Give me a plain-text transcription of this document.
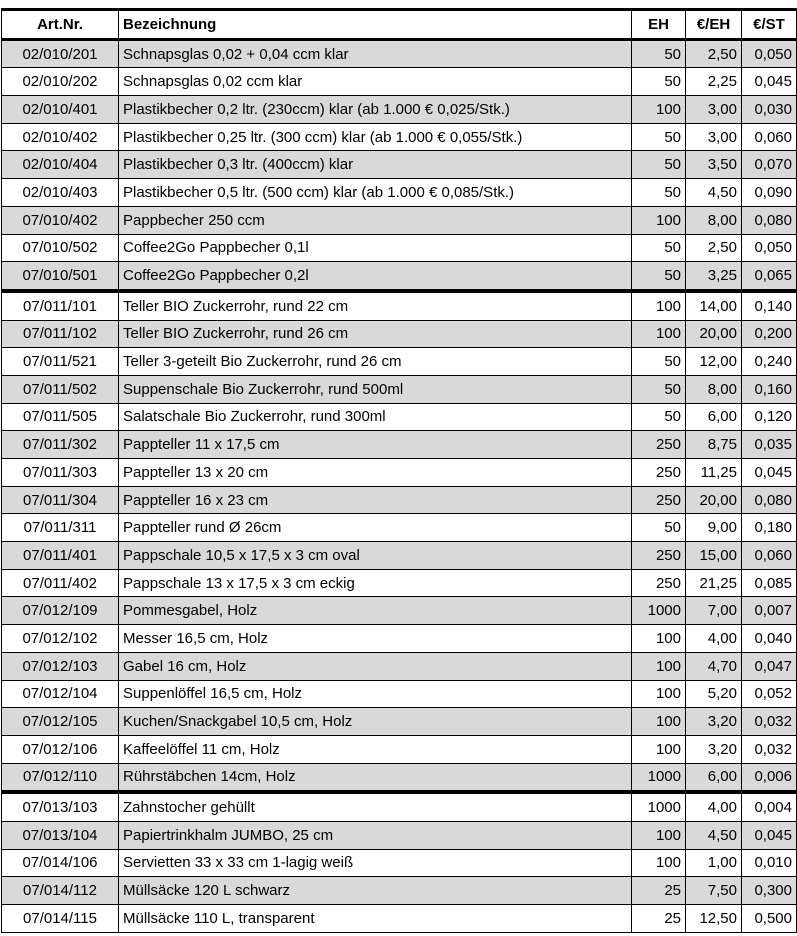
Art.Nr.	Bezeichnung	EH	€/EH	€/ST
02/010/201	Schnapsglas 0,02 + 0,04 ccm klar	50	2,50	0,050
02/010/202	Schnapsglas 0,02 ccm klar	50	2,25	0,045
02/010/401	Plastikbecher 0,2 ltr. (230ccm) klar (ab 1.000 € 0,025/Stk.)	100	3,00	0,030
02/010/402	Plastikbecher 0,25 ltr. (300 ccm) klar (ab 1.000 € 0,055/Stk.)	50	3,00	0,060
02/010/404	Plastikbecher 0,3 ltr. (400ccm) klar	50	3,50	0,070
02/010/403	Plastikbecher 0,5 ltr. (500 ccm) klar (ab 1.000 € 0,085/Stk.)	50	4,50	0,090
07/010/402	Pappbecher 250 ccm	100	8,00	0,080
07/010/502	Coffee2Go Pappbecher 0,1l	50	2,50	0,050
07/010/501	Coffee2Go Pappbecher 0,2l	50	3,25	0,065
07/011/101	Teller BIO Zuckerrohr, rund 22 cm	100	14,00	0,140
07/011/102	Teller BIO Zuckerrohr, rund 26 cm	100	20,00	0,200
07/011/521	Teller 3-geteilt Bio Zuckerrohr, rund 26 cm	50	12,00	0,240
07/011/502	Suppenschale Bio Zuckerrohr, rund 500ml	50	8,00	0,160
07/011/505	Salatschale Bio Zuckerrohr, rund 300ml	50	6,00	0,120
07/011/302	Pappteller 11 x 17,5 cm	250	8,75	0,035
07/011/303	Pappteller 13 x 20 cm	250	11,25	0,045
07/011/304	Pappteller 16 x 23 cm	250	20,00	0,080
07/011/311	Pappteller rund Ø 26cm	50	9,00	0,180
07/011/401	Pappschale 10,5 x 17,5 x 3 cm oval	250	15,00	0,060
07/011/402	Pappschale 13 x 17,5 x 3 cm eckig	250	21,25	0,085
07/012/109	Pommesgabel, Holz	1000	7,00	0,007
07/012/102	Messer 16,5 cm, Holz	100	4,00	0,040
07/012/103	Gabel 16 cm, Holz	100	4,70	0,047
07/012/104	Suppenlöffel 16,5 cm, Holz	100	5,20	0,052
07/012/105	Kuchen/Snackgabel 10,5 cm, Holz	100	3,20	0,032
07/012/106	Kaffeelöffel 11 cm, Holz	100	3,20	0,032
07/012/110	Rührstäbchen 14cm, Holz	1000	6,00	0,006
07/013/103	Zahnstocher gehüllt	1000	4,00	0,004
07/013/104	Papiertrinkhalm JUMBO, 25 cm	100	4,50	0,045
07/014/106	Servietten 33 x 33 cm 1-lagig weiß	100	1,00	0,010
07/014/112	Müllsäcke 120 L schwarz	25	7,50	0,300
07/014/115	Müllsäcke 110 L, transparent	25	12,50	0,500
